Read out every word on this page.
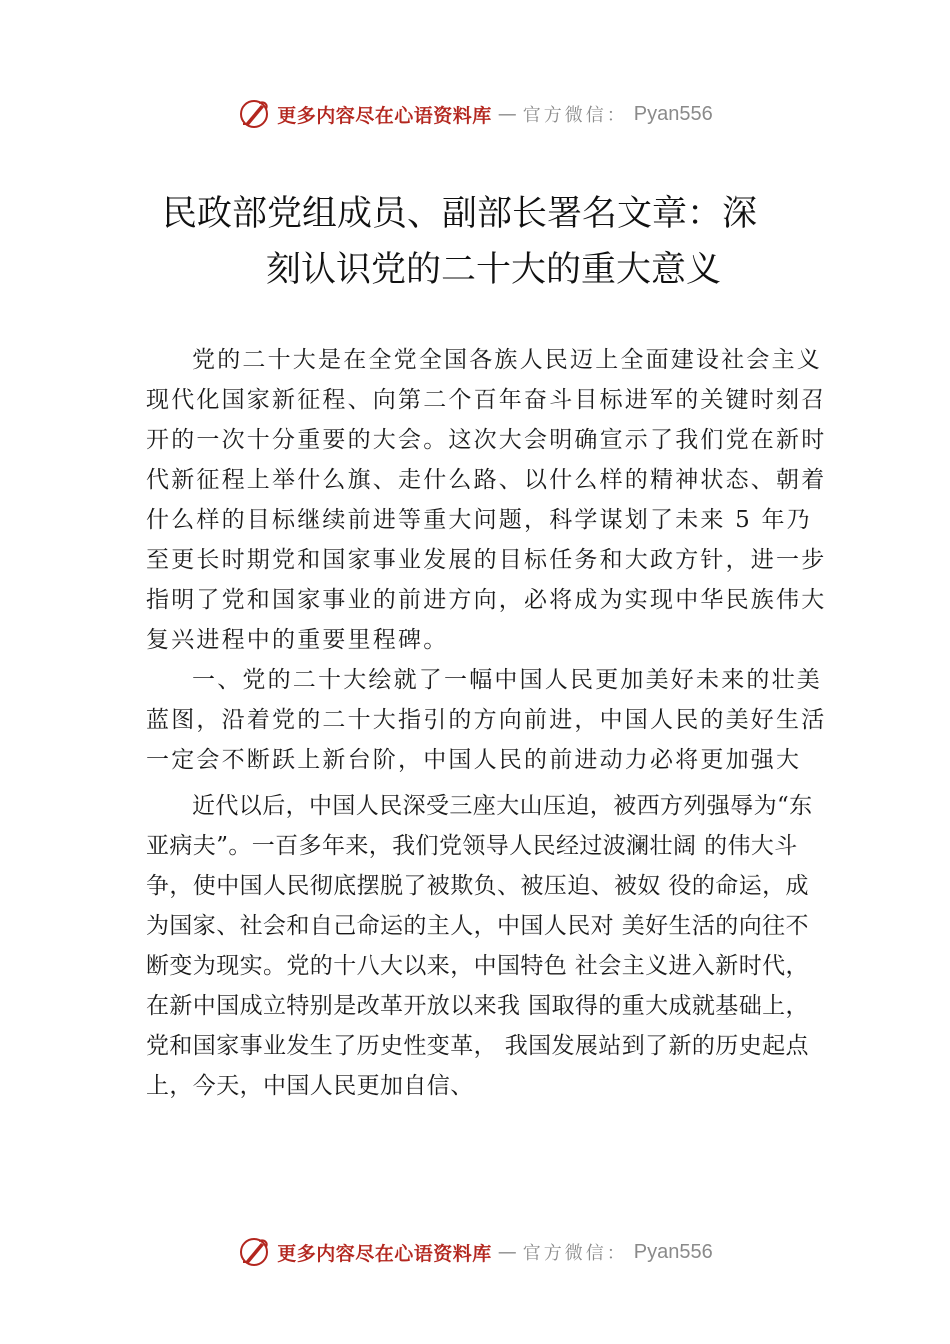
更多内容尽在心语资料库 — 官方微信： Pyan556
民政部党组成员、副部长署名文章：深
刻认识党的二十大的重大意义

党的二十大是在全党全国各族人民迈上全面建设社会主义现代化国家新征程、向第二个百年奋斗目标进军的关键时刻召开的一次十分重要的大会。这次大会明确宣示了我们党在新时代新征程上举什么旗、走什么路、以什么样的精神状态、朝着什么样的目标继续前进等重大问题，科学谋划了未来 5 年乃至更长时期党和国家事业发展的目标任务和大政方针，进一步指明了党和国家事业的前进方向，必将成为实现中华民族伟大复兴进程中的重要里程碑。

一、党的二十大绘就了一幅中国人民更加美好未来的壮美蓝图，沿着党的二十大指引的方向前进，中国人民的美好生活一定会不断跃上新台阶，中国人民的前进动力必将更加强大

近代以后，中国人民深受三座大山压迫，被西方列强辱为“东亚病夫”。一百多年来，我们党领导人民经过波澜壮阔 的伟大斗争，使中国人民彻底摆脱了被欺负、被压迫、被奴 役的命运，成为国家、社会和自己命运的主人，中国人民对 美好生活的向往不断变为现实。党的十八大以来，中国特色 社会主义进入新时代，在新中国成立特别是改革开放以来我 国取得的重大成就基础上，党和国家事业发生了历史性变革， 我国发展站到了新的历史起点上，今天，中国人民更加自信、

更多内容尽在心语资料库 — 官方微信： Pyan556
